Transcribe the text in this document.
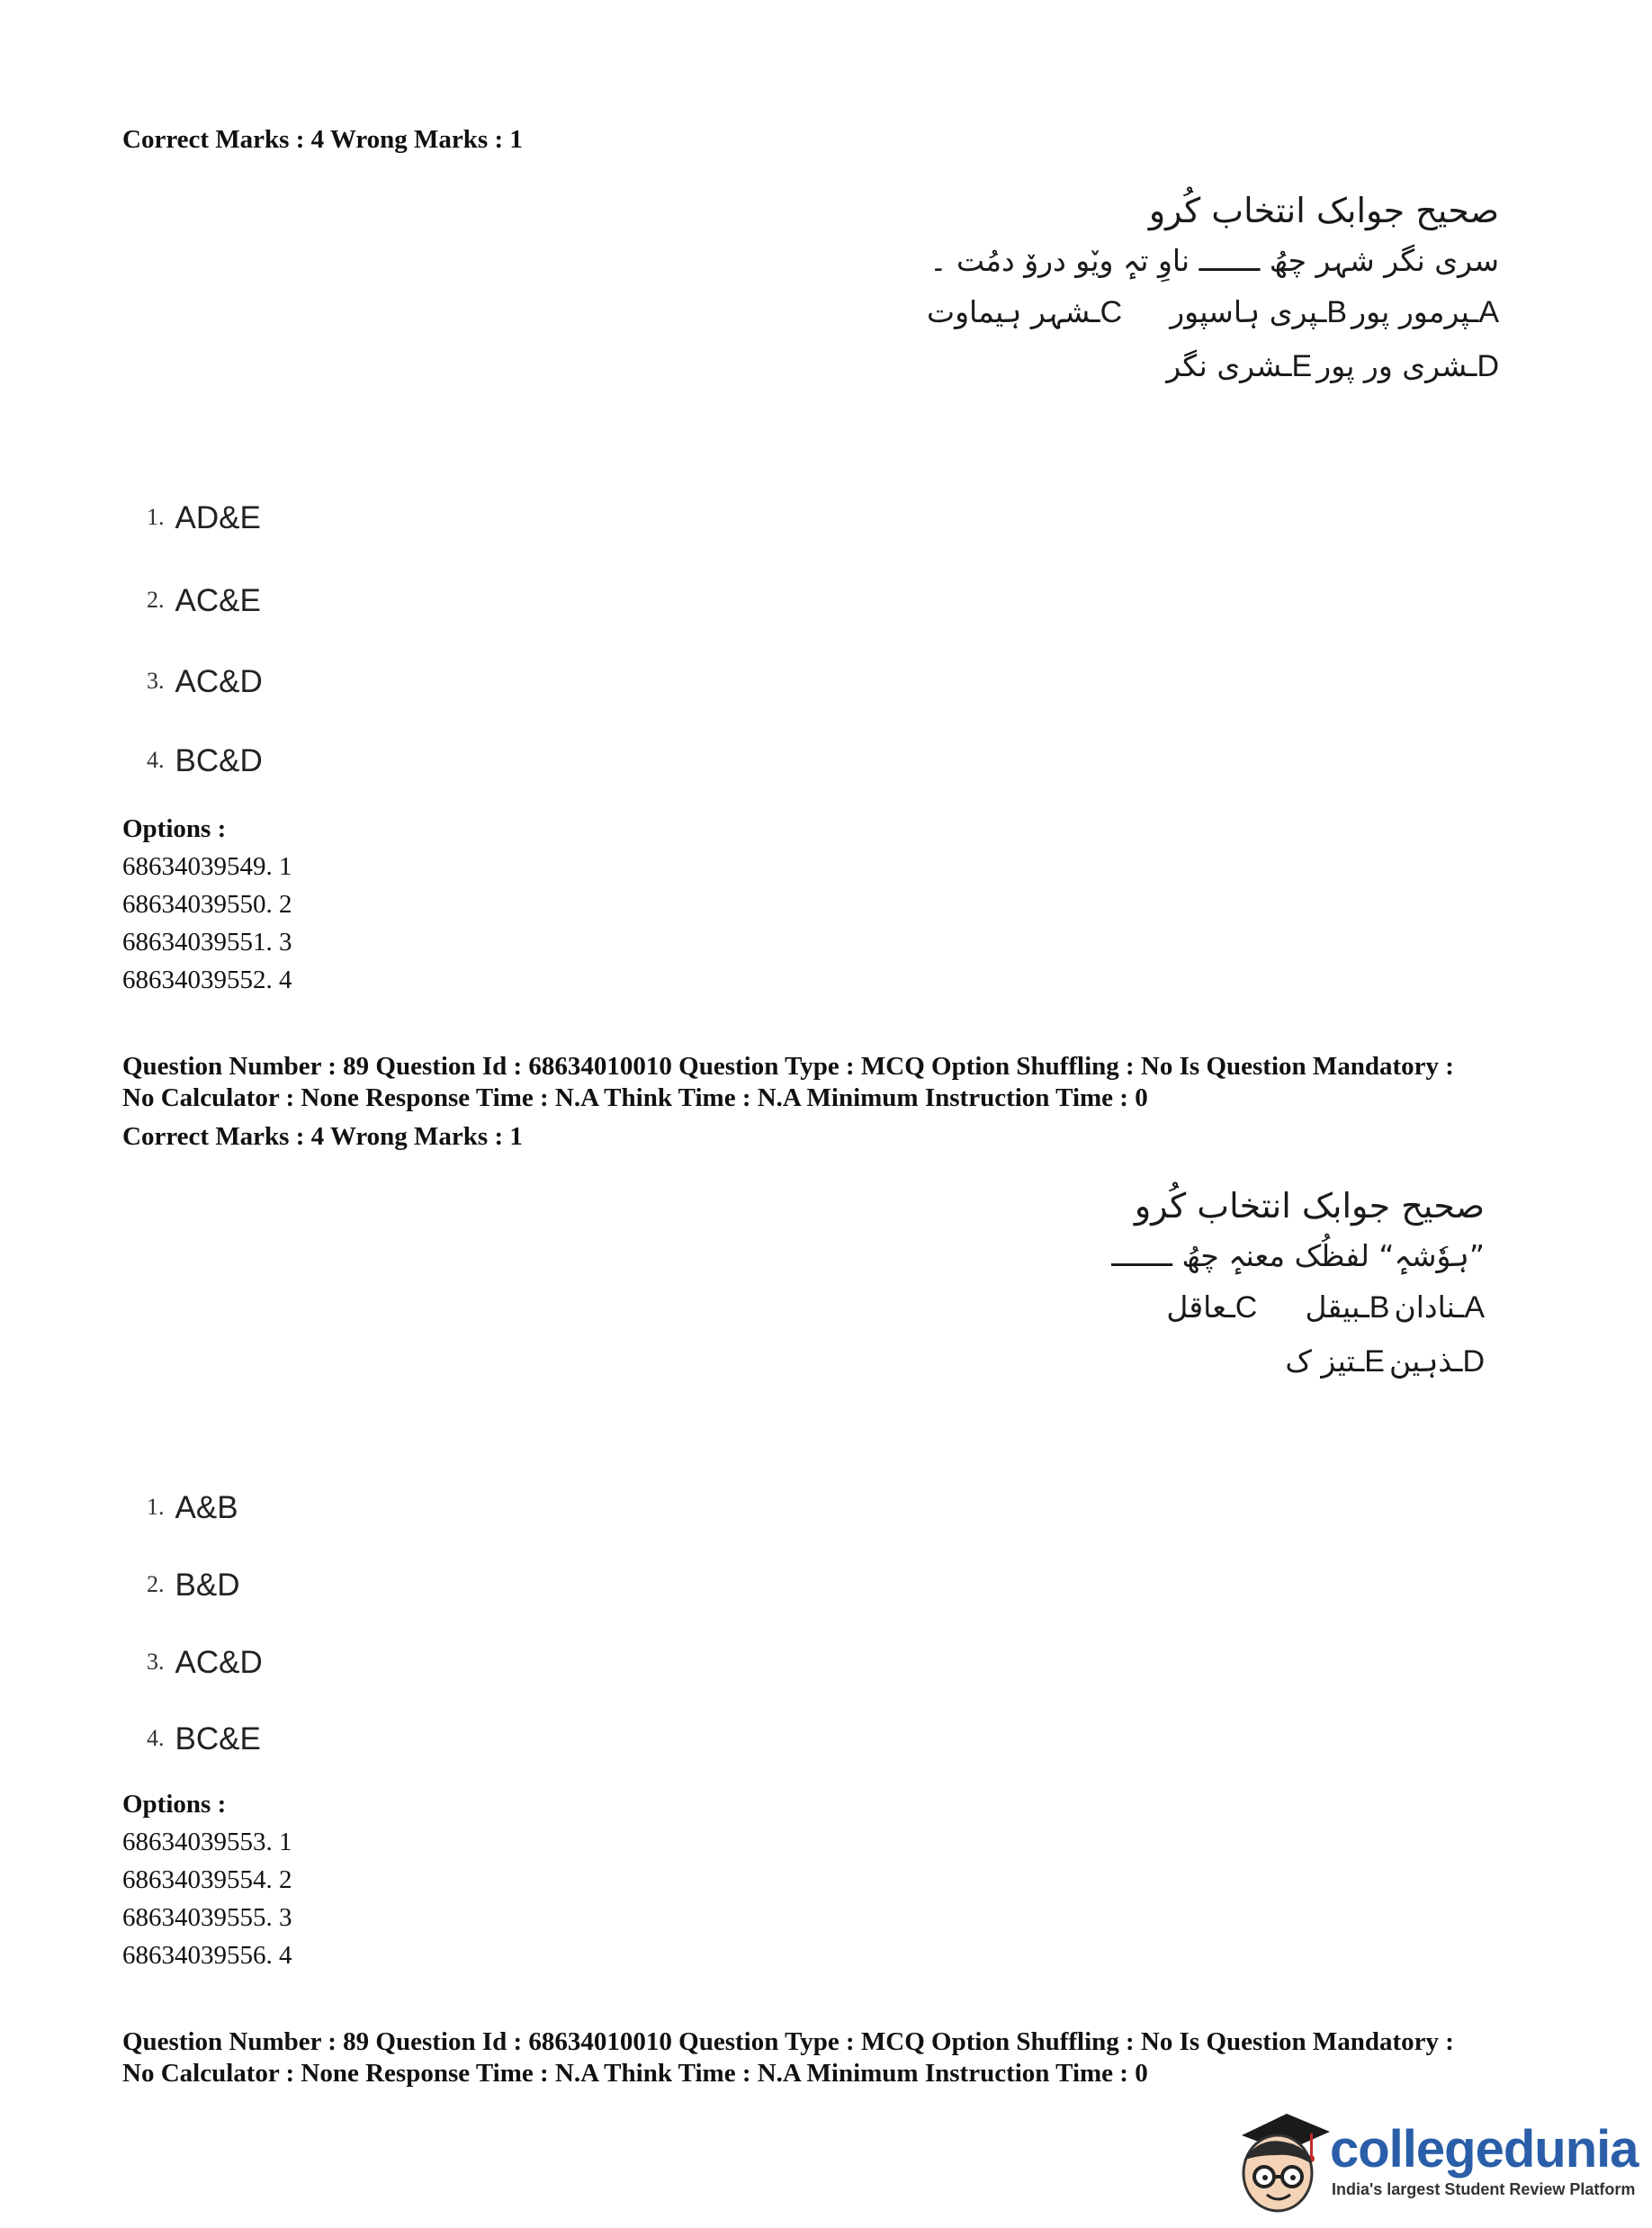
Correct Marks : 4 Wrong Marks : 1
صحیح جوابک انتخاب کُرو
سری نگر شہر چھُ ـــــــ ناوِ تہٕ ویٚو دروٚ دمُت ۔
Aـپرمور پور Bـپری ہاسپور Cـشہر ہیماوت
Dـشری ور پور Eـشری نگر
1. AD&E
2. AC&E
3. AC&D
4. BC&D
Options :
68634039549. 1
68634039550. 2
68634039551. 3
68634039552. 4
Question Number : 89 Question Id : 68634010010 Question Type : MCQ Option Shuffling : No Is Question Mandatory :
No Calculator : None Response Time : N.A Think Time : N.A Minimum Instruction Time : 0
Correct Marks : 4 Wrong Marks : 1
صحیح جوابک انتخاب کُرو
”ہوٗشہٕ“ لفظُک معنہٕ چھُ ـــــــ
Aـنادان Bـبیقل Cـعاقل
Dـذہین Eـتیز ک
1. A&B
2. B&D
3. AC&D
4. BC&E
Options :
68634039553. 1
68634039554. 2
68634039555. 3
68634039556. 4
Question Number : 89 Question Id : 68634010010 Question Type : MCQ Option Shuffling : No Is Question Mandatory :
No Calculator : None Response Time : N.A Think Time : N.A Minimum Instruction Time : 0
collegedunia
India's largest Student Review Platform
